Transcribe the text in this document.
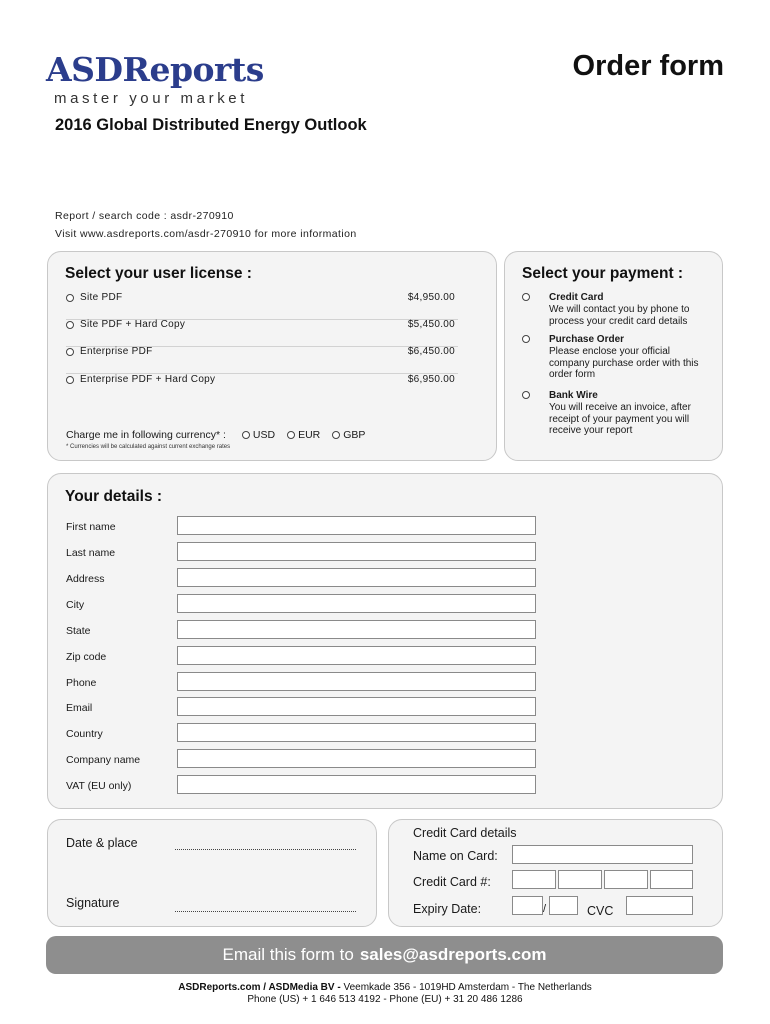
ASDReports
master your market
Order form
2016 Global Distributed Energy Outlook
Report / search code : asdr-270910
Visit www.asdreports.com/asdr-270910 for more information
Select your user license :
Site PDF	$4,950.00
Site PDF + Hard Copy	$5,450.00
Enterprise PDF	$6,450.00
Enterprise PDF + Hard Copy	$6,950.00
Charge me in following currency* :	USD EUR GBP
* Currencies will be calculated against current exchange rates
Select your payment :
Credit Card
We will contact you by phone to process your credit card details
Purchase Order
Please enclose your official company purchase order with this order form
Bank Wire
You will receive an invoice, after receipt of your payment you will receive your report
Your details :
First name
Last name
Address
City
State
Zip code
Phone
Email
Country
Company name
VAT (EU only)
Date & place
Signature
Credit Card details
Name on Card:
Credit Card #:
Expiry Date:	/	CVC
Email this form to sales@asdreports.com
ASDReports.com / ASDMedia BV - Veemkade 356 - 1019HD Amsterdam - The Netherlands
Phone (US) + 1 646 513 4192 - Phone (EU) + 31 20 486 1286
